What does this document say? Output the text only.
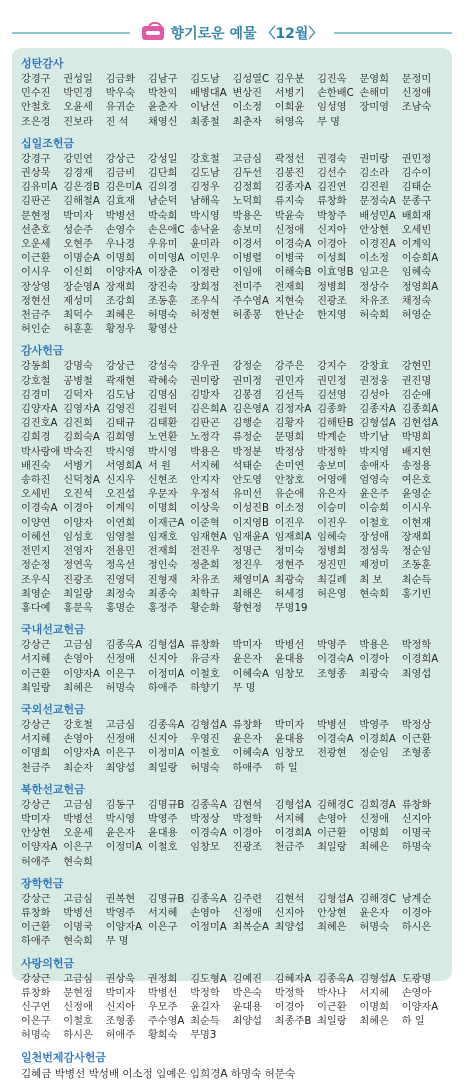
향기로운 예물 〈12월〉
성탄감사
강경구	권성일	김금화	김남구	김도남	김성열C 김우분	김진옥	문영희	문정미
민수진	박민경	박우숙	박찬익	배병대A 변상진	서병기	손한배C 손해미	신정애
안철호	오윤세	유귀순	윤춘자	이남선	이소정	이희윤	임성영	장미영	조남숙
조은경	진보라	진 석	채영신	최종철	최춘자	허영옥	무 명
십일조헌금
강경구	강민연	강상근	강성일	강호철	고금심	곽정선	권경숙	권미랑	권민정
권상묵	김경재	김금비	김단희	김도남	김두선	김봉진	김선수	김소라	김수이
김유미A 김은경B 김은미A 김의경	김정우	김정희	김종자A 김진연	김진원	김태순
김판곤	김해철A 김효재	남순덕	남해옥	노덕희	류지숙	류창화	문정숙A 문종구
문현정	박미자	박병선	박숙희	박시영	박용은	박윤숙	박창주	배성민A 배희재
선춘호	성순주	손영수	손은애C 송낙윤	송보미	신정애	신지아	안상현	오세빈
오운세	오현주	우나경	우유미	윤미라	이경서	이경숙A 이경아	이경진A 이계익
이근환	이명순A 이명희	이미영A 이민우	이병렬	이병국	이성희	이소정	이승희A
이시우	이신희	이양자A 이장춘	이정란	이임애	이해숙B 이효영B 임고은	임혜숙
장상영	장순영A 장재희	장진숙	장희정	전미주	전재희	정병희	정상수	정영희A
정현선	제성미	조강희	조동훈	조우식	주수영A 지현숙	진광조	차유조	채정숙
천금주	최덕수	최혜은	허명숙	허정현	허종봉	한난순	한지영	허숙희	허영순
허인순	허훈훈	황정우	황영산
감사헌금
강동희	강명숙	강상근	강성숙	강우권	강정순	강주은	강지수	강창효	강현민
강호철	공병철	곽재현	곽혜숙	권미랑	권미정	권민자	권민정	권정웅	권진명
김경미	김덕자	김도남	김명심	김방자	김봉겸	김선득	김선영	김성아	김순애
김양자A 김영자A 김영진	김원덕	김은희A 김은영A 김정자A 김종화	김종자A 김종희A
김진호A 김진희	김태규	김태환	김판곤	김행순	김황자	김해탄B 김형섭A 김현섭A
김희경	김희숙A 김희영	노연환	노정각	류정순	문명희	박계순	박기남	박명희
박사랑애 박숙진	박시영	박시영	박용은	박정분	박정상	박정학	박지영	배지현
배진숙	서병기	서영희A 서 원	서지혜	석태순	손미연	송보미	송애자	송정용
송하진	신덕청A 신지우	신현조	안지자	안도영	안창호	어영애	엄영숙	여은호
오세빈	오진석	오진섭	우문자	우정석	유미선	유순애	유은자	윤은주	윤영순
이경숙A 이경아	이계익	이명희	이상욱	이성진B 이소정	이승미	이승희	이시우
이양연	이양자	이연희	이재근A 이준혁	이지영B 이진우	이진우	이철호	이현재
이혜선	임성호	임영철	임재호	임재현A 임재윤A 임재희A 임혜숙	장성애	장재희
전민지	전영자	전용민	전재희	전진우	정명근	정미숙	정병희	정성욱	정순임
정순정	정연옥	정옥선	정인숙	정춘희	정진우	정현주	정진민	제정미	조동훈
조우식	진광조	진영덕	진형재	차유조	채영미A 최광숙	최길례	최 보	최순득
최영순	최일랑	최정숙	최종숙	최학규	최해은	허세경	허은영	현숙희	홍기빈
홍다예	홍문옥	홍명순	홍정주	황순화	황현정	무명19
국내선교헌금
강상근	고금심	김종옥A 김형섭A 류창화	박미자	박병선	박영주	박용은	박정학
서지혜	손영아	신정애	신지아	유금자	윤은자	윤대용	이경숙A 이경아	이경희A
이근환	이양자A 이은구	이정미A 이철호	이혜숙A 임창모	조형종	최광숙	최영섭
최일랑	최혜은	허명숙	하애주	하향기	무 명
국외선교헌금
강상근	강호철	고금심	김종옥A 김형섭A 류창화	박미자	박병선	박영주	박정상
서지혜	손영아	신정애	신지아	우영진	윤은자	윤대용	이경숙A 이경희A 이근환
이명희	이양자A 이은구	이정미A 이철호	이혜숙A 임창모	전광현	정순임	조형종
천금주	최순자	최양섭	최일랑	허명숙	하애주	하 일
북한선교헌금
강상근	고금심	김동구	김명규B 김종옥A 김현석	김형섭A 김해경C 김희경A 류창화
박미자	박병선	박시영	박영주	박정상	박정학	서지혜	손영아	신정애	신지아
안상현	오운세	윤은자	윤대용	이경숙A 이경아	이경희A 이근환	이명희	이명국
이양자A 이은구	이정미A 이철호	임창모	진광조	천금주	최일랑	최혜은	하명숙
허애주	현숙희
장학헌금
강상근	고금심	권복현	김명규B 김종옥A 김주련	김현석	김형섭A 김해경C 남계순
류창화	박병선	박영주	서지혜	손영아	신정애	신지아	안상현	윤은자	이경아
이근환	이명국	이양자A 이은구	이정미A 최복순A 최양섭	최혜은	허명숙	하시은
하애주	현숙희	무 명
사랑의헌금
강상근	고금심	권상욱	권정희	김도형A 김예진	김혜자A 김종옥A 김형섭A 도광명
류창화	문현정	박미자	박병선	박정학	박은숙	박정학	박사나	서지혜	손영아
신구연	신정애	신지아	우모주	윤길자	윤대용	이경아	이근환	이명희	이양자A
이은구	이철호	조형종	주수영A 최순득	최양섭	최종주B 최일랑	최혜은	하 일
허명숙	하시은	허애주	황희숙	무명3
일천번제감사헌금
김혜금 박병선 박성배 이소정 임예은 임희경A 하명숙 허문숙
